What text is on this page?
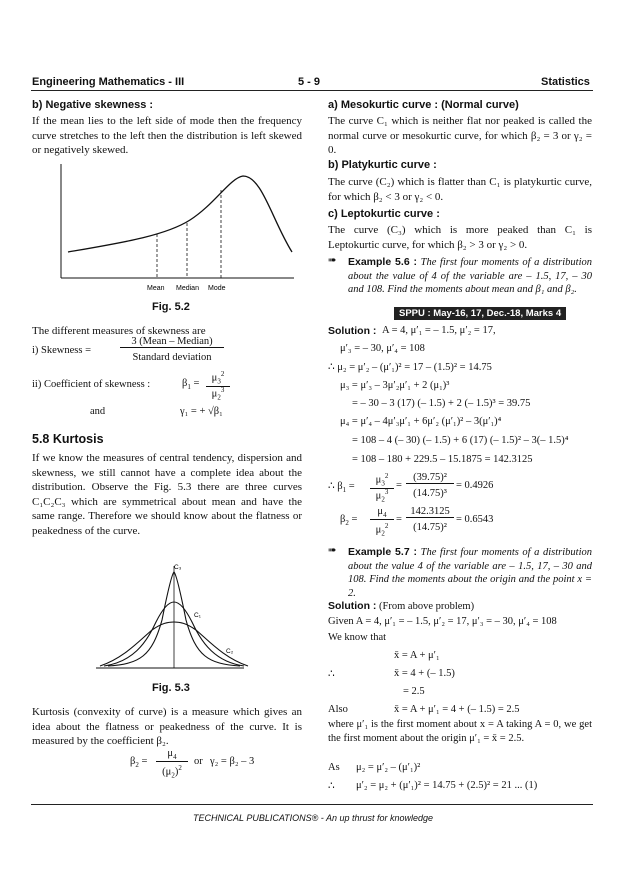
Engineering Mathematics - III	5 - 9	Statistics
b) Negative skewness :
If the mean lies to the left side of mode then the frequency curve stretches to the left then the distribution is left skewed or negatively skewed.
Mean Median Mode
Fig. 5.2
The different measures of skewness are
i) Skewness =
3 (Mean – Median)
Standard deviation
ii) Coefficient of skewness :	$\beta_1$ =	$\mu_3^2$
$\mu_2^3$
and	γ₁ = + √β₁
5.8 Kurtosis
If we know the measures of central tendency, dispersion and skewness, we still cannot have a complete idea about the distribution. Observe the Fig. 5.3 there are three curves C₁C₂C₃ which are symmetrical about mean and have the same range. Therefore we should know about the flatness or peakedness of the curve.
C₃
C₁
C₂
Fig. 5.3
Kurtosis (convexity of curve) is a measure which gives an idea about the flatness or peakedness of the curve. It is measured by the coefficient β₂.
$\beta_2$ =
$\mu_4$
$(\mu_2)^2$
or γ₂ = β₂ – 3
a) Mesokurtic curve : (Normal curve)
The curve C₁ which is neither flat nor peaked is called the normal curve or mesokurtic curve, for which β₂ = 3 or γ₂ = 0.
b) Platykurtic curve :
The curve (C₂) which is flatter than C₁ is platykurtic curve, for which β₂ < 3 or γ₂ < 0.
c) Leptokurtic curve :
The curve (C₃) which is more peaked than C₁ is Leptokurtic curve, for which β₂ > 3 or γ₂ > 0.
➠ Example 5.6 : The first four moments of a distribution about the value of 4 of the variable are – 1.5, 17, – 30 and 108. Find the moments about mean and β₁ and β₂.
SPPU : May-16, 17, Dec.-18, Marks 4
Solution : A = 4, μ′₁ = – 1.5, μ′₂ = 17,
μ′₃ = – 30, μ′₄ = 108
∴ μ₂ = μ′₂ – (μ′₁)² = 17 – (1.5)² = 14.75
μ₃ = μ′₃ – 3μ′₂μ′₁ + 2 (μ₁)³
= – 30 – 3 (17) (– 1.5) + 2 (– 1.5)³ = 39.75
μ₄ = μ′₄ – 4μ′₃μ′₁ + 6μ′₂ (μ′₁)² – 3(μ′₁)⁴
= 108 – 4 (– 30) (– 1.5) + 6 (17) (– 1.5)² – 3(– 1.5)⁴
= 108 – 180 + 229.5 – 15.1875 = 142.3125
∴ $\beta_1$ =
$\mu_3^2$
$\mu_2^3$
=
(39.75)²
(14.75)³
= 0.4926
$\beta_2$ =
$\mu_4$
$\mu_2^2$
=
142.3125
(14.75)²
= 0.6543
➠ Example 5.7 : The first four moments of a distribution about the value 4 of the variable are – 1.5, 17, – 30 and 108. Find the moments about the origin and the point x = 2.
Solution : (From above problem)
Given A = 4, μ′₁ = – 1.5, μ′₂ = 17, μ′₃ = – 30, μ′₄ = 108
We know that
x̄ = A + μ′₁
∴	x̄ = 4 + (– 1.5)
= 2.5
Also	x̄ = A + μ′₁ = 4 + (– 1.5) = 2.5
where μ′₁ is the first moment about x = A taking A = 0, we get the first moment about the origin μ′₁ = x̄ = 2.5.
As μ₂ = μ′₂ – (μ′₁)²
∴ μ′₂ = μ₂ + (μ′₁)² = 14.75 + (2.5)² = 21 ... (1)
TECHNICAL PUBLICATIONS® - An up thrust for knowledge
